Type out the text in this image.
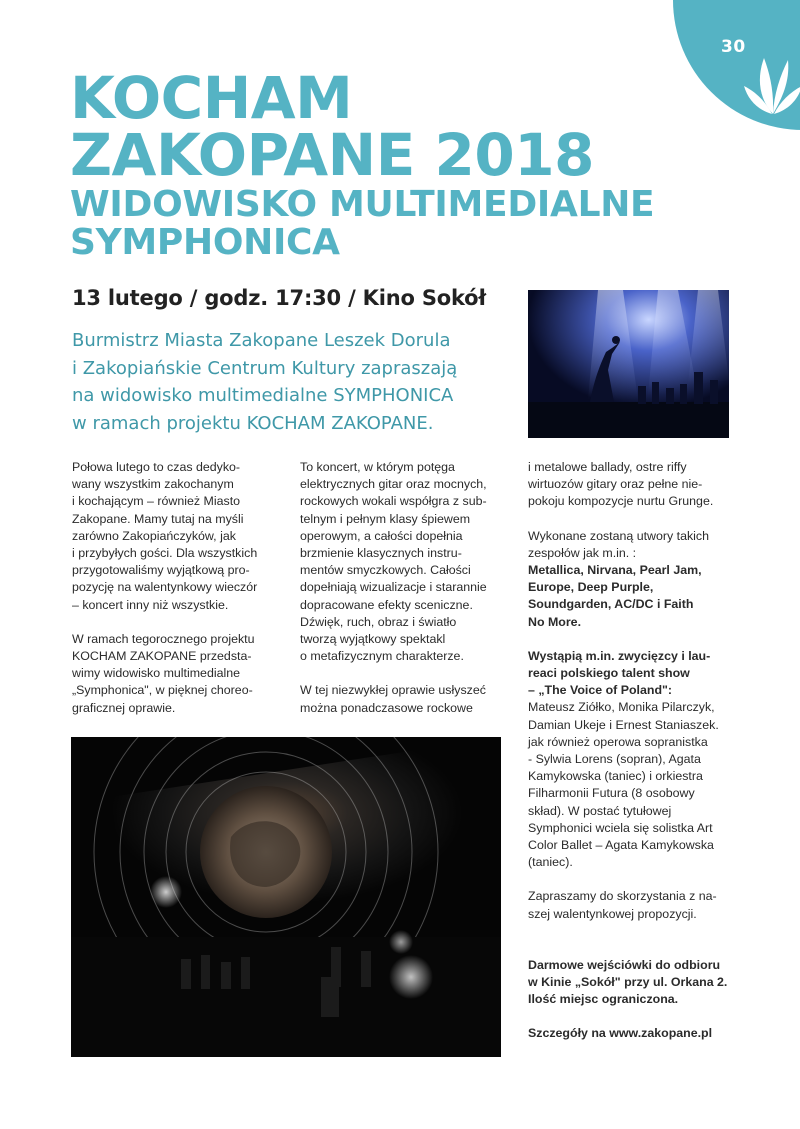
30
KOCHAM
ZAKOPANE 2018
WIDOWISKO MULTIMEDIALNE
SYMPHONICA
13 lutego / godz. 17:30 / Kino Sokół
Burmistrz Miasta Zakopane Leszek Dorula
i Zakopiańskie Centrum Kultury zapraszają
na widowisko multimedialne SYMPHONICA
w ramach projektu KOCHAM ZAKOPANE.
Połowa lutego to czas dedyko-
wany wszystkim zakochanym
i kochającym – również Miasto
Zakopane. Mamy tutaj na myśli
zarówno Zakopiańczyków, jak
i przybyłych gości. Dla wszystkich
przygotowaliśmy wyjątkową pro-
pozycję na walentynkowy wieczór
– koncert inny niż wszystkie.
W ramach tegorocznego projektu
KOCHAM ZAKOPANE przedsta-
wimy widowisko multimedialne
„Symphonica", w pięknej choreo-
graficznej oprawie.
To koncert, w którym potęga
elektrycznych gitar oraz mocnych,
rockowych wokali współgra z sub-
telnym i pełnym klasy śpiewem
operowym, a całości dopełnia
brzmienie klasycznych instru-
mentów smyczkowych. Całości
dopełniają wizualizacje i starannie
dopracowane efekty sceniczne.
Dźwięk, ruch, obraz i światło
tworzą wyjątkowy spektakl
o metafizycznym charakterze.
W tej niezwykłej oprawie usłyszeć
można ponadczasowe rockowe
i metalowe ballady, ostre riffy
wirtuozów gitary oraz pełne nie-
pokoju kompozycje nurtu Grunge.
Wykonane zostaną utwory takich
zespołów jak m.in. :
Metallica, Nirvana, Pearl Jam,
Europe, Deep Purple,
Soundgarden, AC/DC i Faith
No More.
Wystąpią m.in. zwycięzcy i lau-
reaci polskiego talent show
– „The Voice of Poland":
Mateusz Ziółko, Monika Pilarczyk,
Damian Ukeje i Ernest Staniaszek.
jak również operowa sopranistka
- Sylwia Lorens (sopran), Agata
Kamykowska (taniec) i orkiestra
Filharmonii Futura (8 osobowy
skład). W postać tytułowej
Symphonici wciela się solistka Art
Color Ballet – Agata Kamykowska
(taniec).
Zapraszamy do skorzystania z na-
szej walentynkowej propozycji.
Darmowe wejściówki do odbioru
w Kinie „Sokół" przy ul. Orkana 2.
Ilość miejsc ograniczona.
Szczegóły na www.zakopane.pl
